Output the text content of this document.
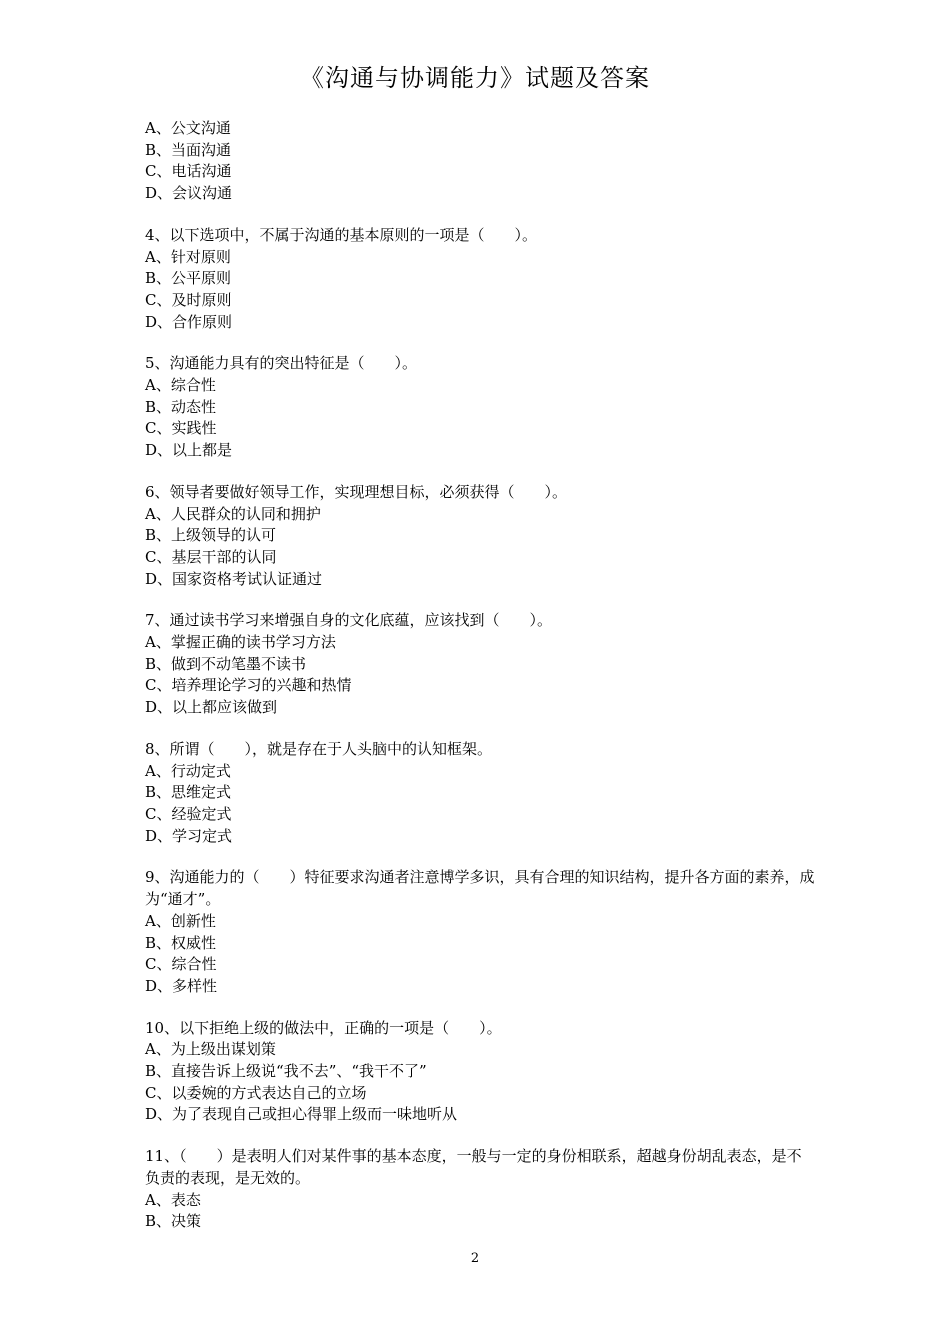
《沟通与协调能力》试题及答案
A、公文沟通
B、当面沟通
C、电话沟通
D、会议沟通
4、以下选项中，不属于沟通的基本原则的一项是（　　）。
A、针对原则
B、公平原则
C、及时原则
D、合作原则
5、沟通能力具有的突出特征是（　　）。
A、综合性
B、动态性
C、实践性
D、以上都是
6、领导者要做好领导工作，实现理想目标，必须获得（　　）。
A、人民群众的认同和拥护
B、上级领导的认可
C、基层干部的认同
D、国家资格考试认证通过
7、通过读书学习来增强自身的文化底蕴，应该找到（　　）。
A、掌握正确的读书学习方法
B、做到不动笔墨不读书
C、培养理论学习的兴趣和热情
D、以上都应该做到
8、所谓（　　），就是存在于人头脑中的认知框架。
A、行动定式
B、思维定式
C、经验定式
D、学习定式
9、沟通能力的（　　）特征要求沟通者注意博学多识，具有合理的知识结构，提升各方面的素养，成为“通才”。
A、创新性
B、权威性
C、综合性
D、多样性
10、以下拒绝上级的做法中，正确的一项是（　　）。
A、为上级出谋划策
B、直接告诉上级说“我不去”、“我干不了”
C、以委婉的方式表达自己的立场
D、为了表现自己或担心得罪上级而一味地听从
11、（　　）是表明人们对某件事的基本态度，一般与一定的身份相联系，超越身份胡乱表态，是不负责的表现，是无效的。
A、表态
B、决策
2
